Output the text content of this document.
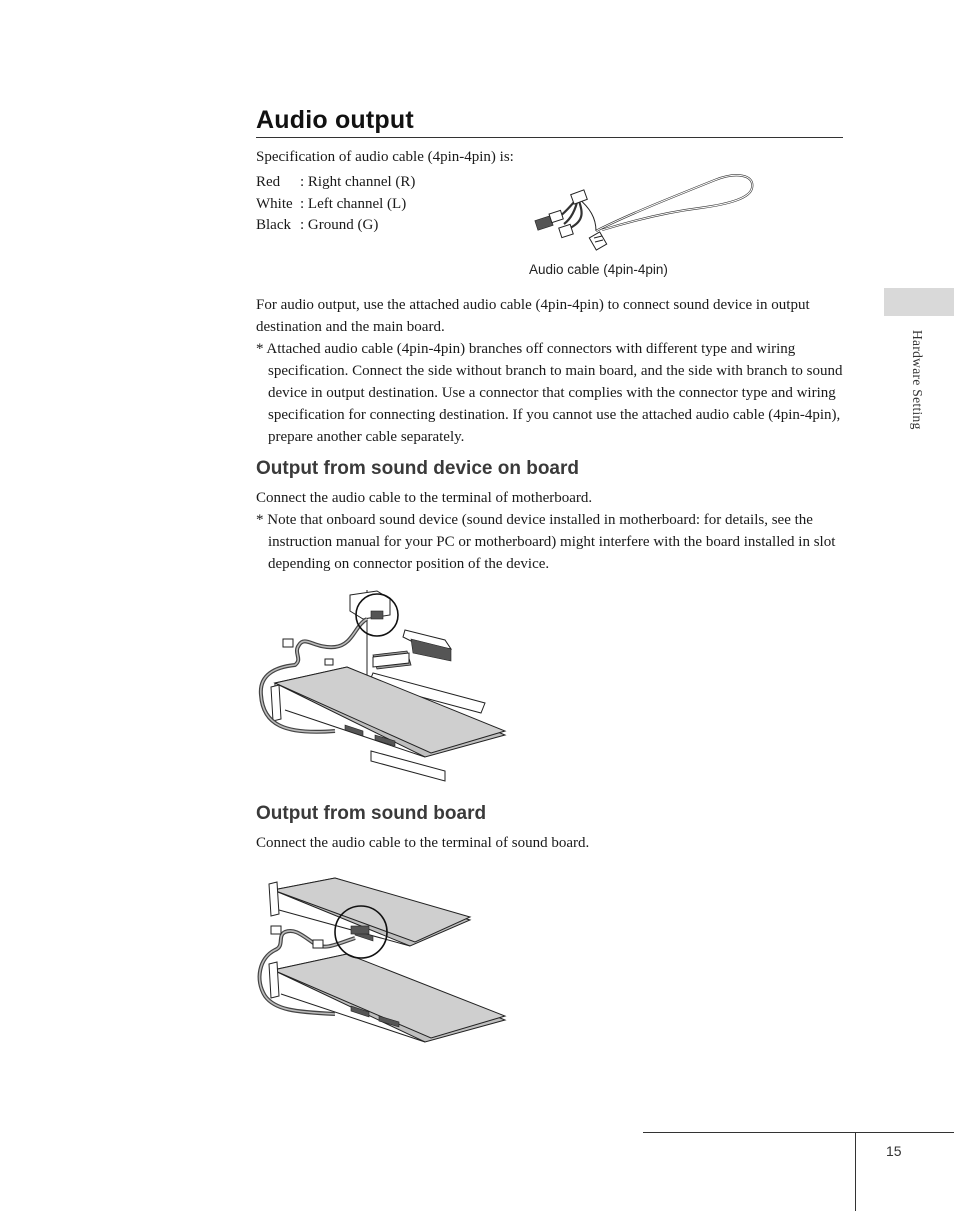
Audio output
Specification of audio cable (4pin-4pin) is:
Red : Right channel (R)
White : Left channel (L)
Black : Ground (G)
Audio cable (4pin-4pin)

For audio output, use the attached audio cable (4pin-4pin) to connect sound device in output destination and the main board.

* Attached audio cable (4pin-4pin) branches off connectors with different type and wiring specification. Connect the side without branch to main board, and the side with branch to sound device in output destination. Use a connector that complies with the connector type and wiring specification for connecting destination. If you cannot use the attached audio cable (4pin-4pin), prepare another cable separately.

Output from sound device on board

Connect the audio cable to the terminal of motherboard.

* Note that onboard sound device (sound device installed in motherboard: for details, see the instruction manual for your PC or motherboard) might interfere with the board installed in slot depending on connector position of the device.

Output from sound board

Connect the audio cable to the terminal of sound board.

Hardware Setting
15
